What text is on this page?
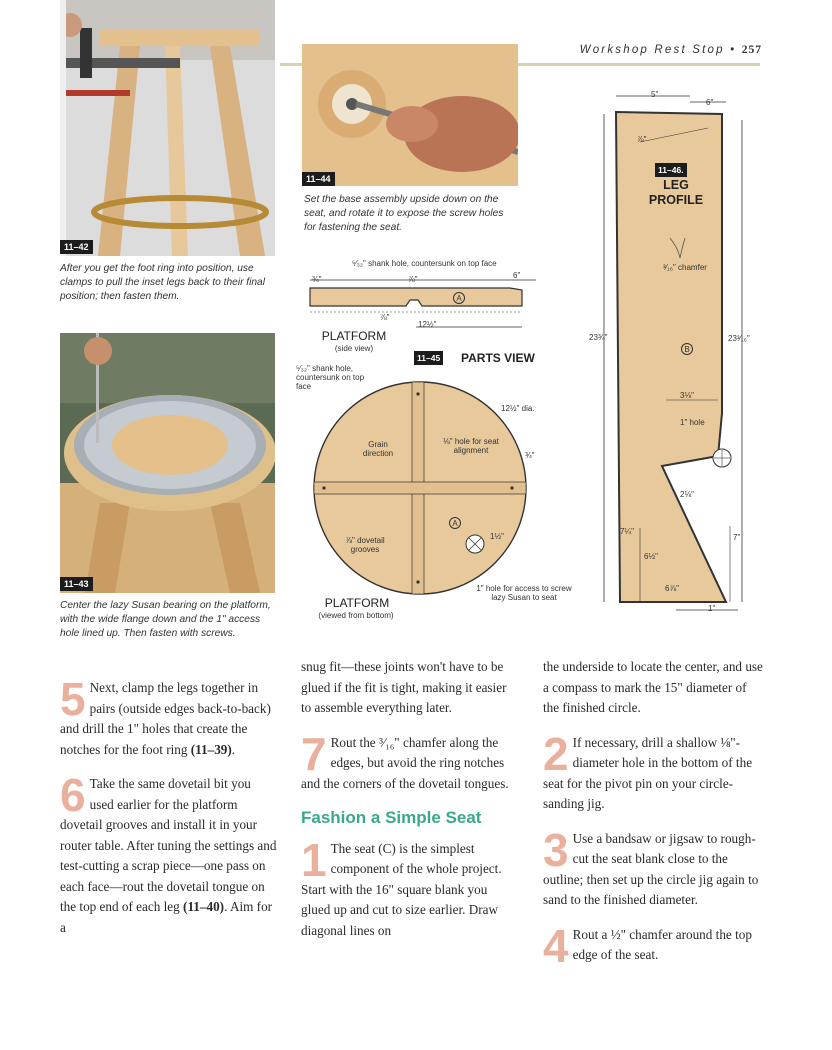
Workshop Rest Stop • 257
11–42
After you get the foot ring into position, use clamps to pull the inset legs back to their final position; then fasten them.
11–43
Center the lazy Susan bearing on the platform, with the wide flange down and the 1" access hole lined up. Then fasten with screws.
11–44
Set the base assembly upside down on the seat, and rotate it to expose the screw holes for fastening the seat.
⁵⁄₃₂" shank hole, countersunk on top face
¾"	⅞"	6"
A
⅞"
12½"
PLATFORM
(side view)
11–45 PARTS VIEW
⁵⁄₃₂" shank hole, countersunk on top face
12½" dia.
Grain direction
⅛" hole for seat alignment
¾"
⅞" dovetail grooves
A
1½"
1" hole for access to screw lazy Susan to seat
PLATFORM
(viewed from bottom)
5"
6"
⅞"
11–46.
LEG
PROFILE
³⁄₁₆" chamfer
23¾"
B
23³⁄₁₆"
3⅛"
1" hole
2⅛"
7¼"
6½"
7"
6⅞"
1"

5 Next, clamp the legs together in pairs (outside edges back-to-back) and drill the 1" holes that create the notches for the foot ring (11–39).

6 Take the same dovetail bit you used earlier for the platform dovetail grooves and install it in your router table. After tuning the settings and test-cutting a scrap piece—one pass on each face—rout the dovetail tongue on the top end of each leg (11–40). Aim for a

snug fit—these joints won't have to be glued if the fit is tight, making it easier to assemble everything later.

7 Rout the ³⁄₁₆" chamfer along the edges, but avoid the ring notches and the corners of the dovetail tongues.

Fashion a Simple Seat

1 The seat (C) is the simplest component of the whole project. Start with the 16" square blank you glued up and cut to size earlier. Draw diagonal lines on

the underside to locate the center, and use a compass to mark the 15" diameter of the finished circle.

2 If necessary, drill a shallow ⅛"-diameter hole in the bottom of the seat for the pivot pin on your circle-sanding jig.

3 Use a bandsaw or jigsaw to rough-cut the seat blank close to the outline; then set up the circle jig again to sand to the finished diameter.

4 Rout a ½" chamfer around the top edge of the seat.
